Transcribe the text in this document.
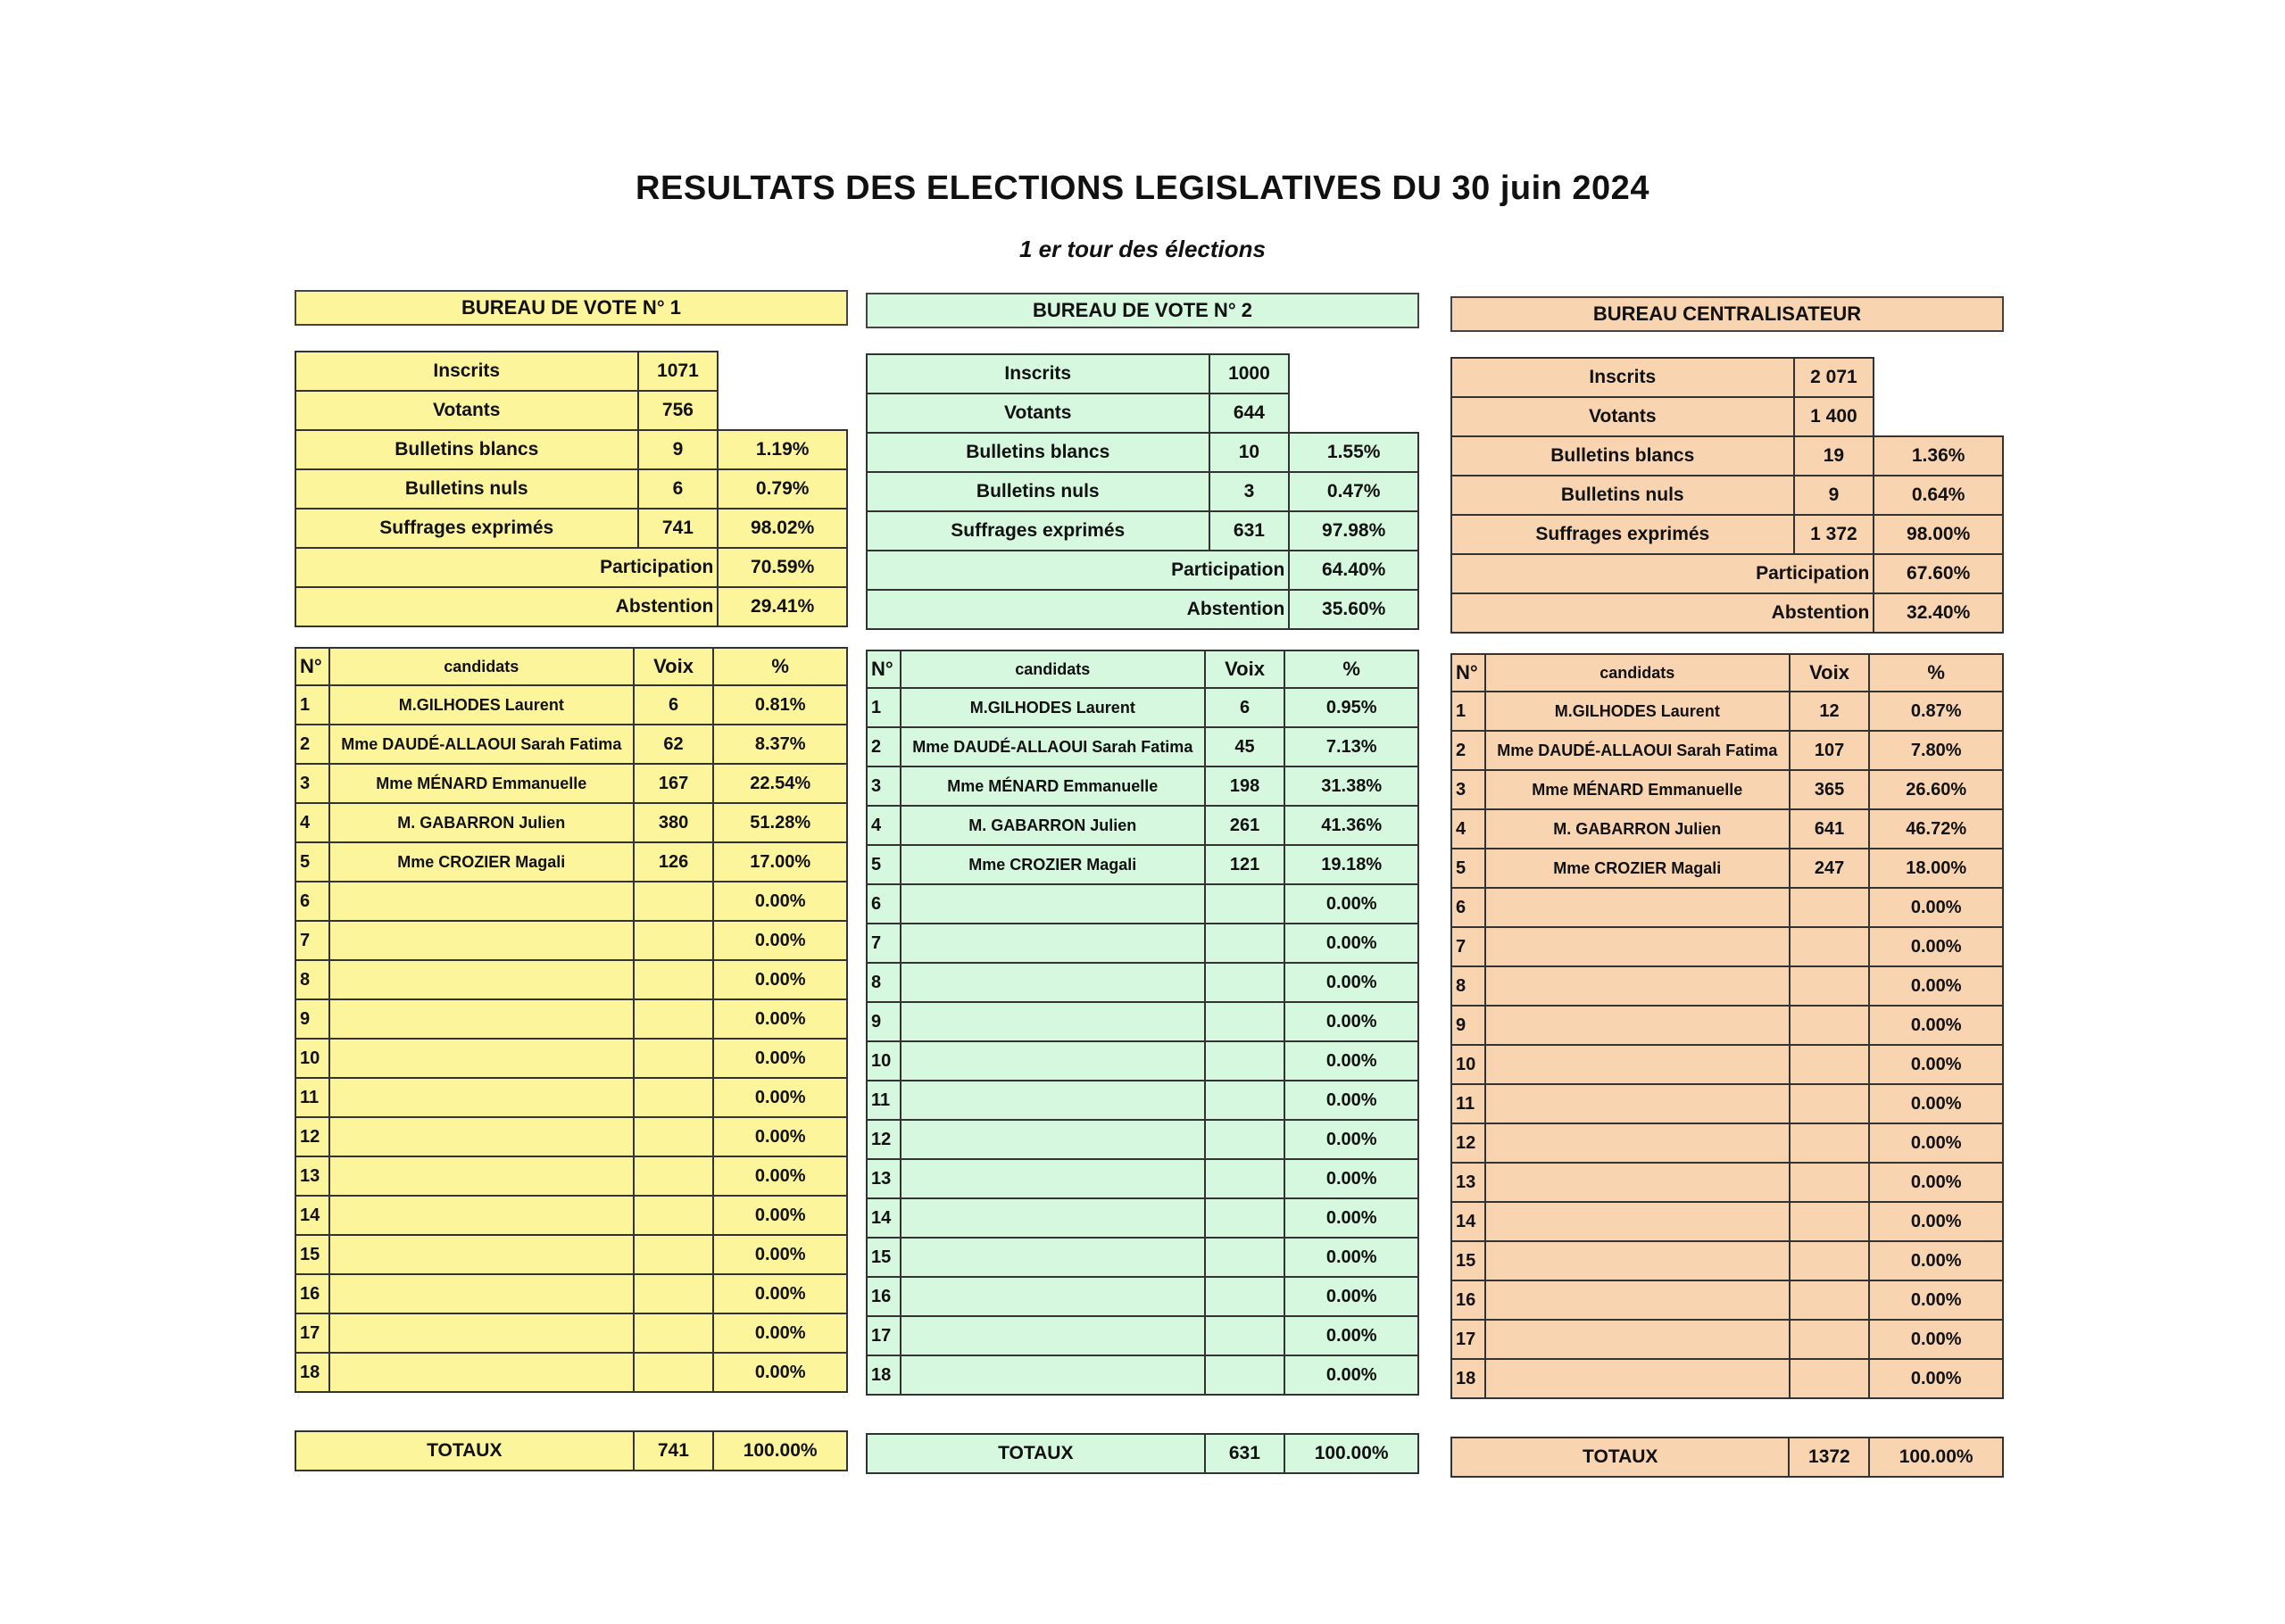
RESULTATS DES ELECTIONS LEGISLATIVES DU 30 juin 2024
1 er tour des élections
BUREAU DE VOTE N° 1
Inscrits	1071	
Votants	756	
Bulletins blancs	9	1.19%
Bulletins nuls	6	0.79%
Suffrages exprimés	741	98.02%
Participation		70.59%
Abstention		29.41%
N°	candidats	Voix	%
1	M.GILHODES Laurent	6	0.81%
2	Mme DAUDÉ-ALLAOUI Sarah Fatima	62	8.37%
3	Mme MÉNARD Emmanuelle	167	22.54%
4	M. GABARRON Julien	380	51.28%
5	Mme CROZIER Magali	126	17.00%
6			0.00%
7			0.00%
8			0.00%
9			0.00%
10			0.00%
11			0.00%
12			0.00%
13			0.00%
14			0.00%
15			0.00%
16			0.00%
17			0.00%
18			0.00%
TOTAUX	741	100.00%
BUREAU DE VOTE N° 2
Inscrits	1000	
Votants	644	
Bulletins blancs	10	1.55%
Bulletins nuls	3	0.47%
Suffrages exprimés	631	97.98%
Participation		64.40%
Abstention		35.60%
N°	candidats	Voix	%
1	M.GILHODES Laurent	6	0.95%
2	Mme DAUDÉ-ALLAOUI Sarah Fatima	45	7.13%
3	Mme MÉNARD Emmanuelle	198	31.38%
4	M. GABARRON Julien	261	41.36%
5	Mme CROZIER Magali	121	19.18%
6			0.00%
7			0.00%
8			0.00%
9			0.00%
10			0.00%
11			0.00%
12			0.00%
13			0.00%
14			0.00%
15			0.00%
16			0.00%
17			0.00%
18			0.00%
TOTAUX	631	100.00%
BUREAU CENTRALISATEUR
Inscrits	2 071	
Votants	1 400	
Bulletins blancs	19	1.36%
Bulletins nuls	9	0.64%
Suffrages exprimés	1 372	98.00%
Participation		67.60%
Abstention		32.40%
N°	candidats	Voix	%
1	M.GILHODES Laurent	12	0.87%
2	Mme DAUDÉ-ALLAOUI Sarah Fatima	107	7.80%
3	Mme MÉNARD Emmanuelle	365	26.60%
4	M. GABARRON Julien	641	46.72%
5	Mme CROZIER Magali	247	18.00%
6			0.00%
7			0.00%
8			0.00%
9			0.00%
10			0.00%
11			0.00%
12			0.00%
13			0.00%
14			0.00%
15			0.00%
16			0.00%
17			0.00%
18			0.00%
TOTAUX	1372	100.00%
